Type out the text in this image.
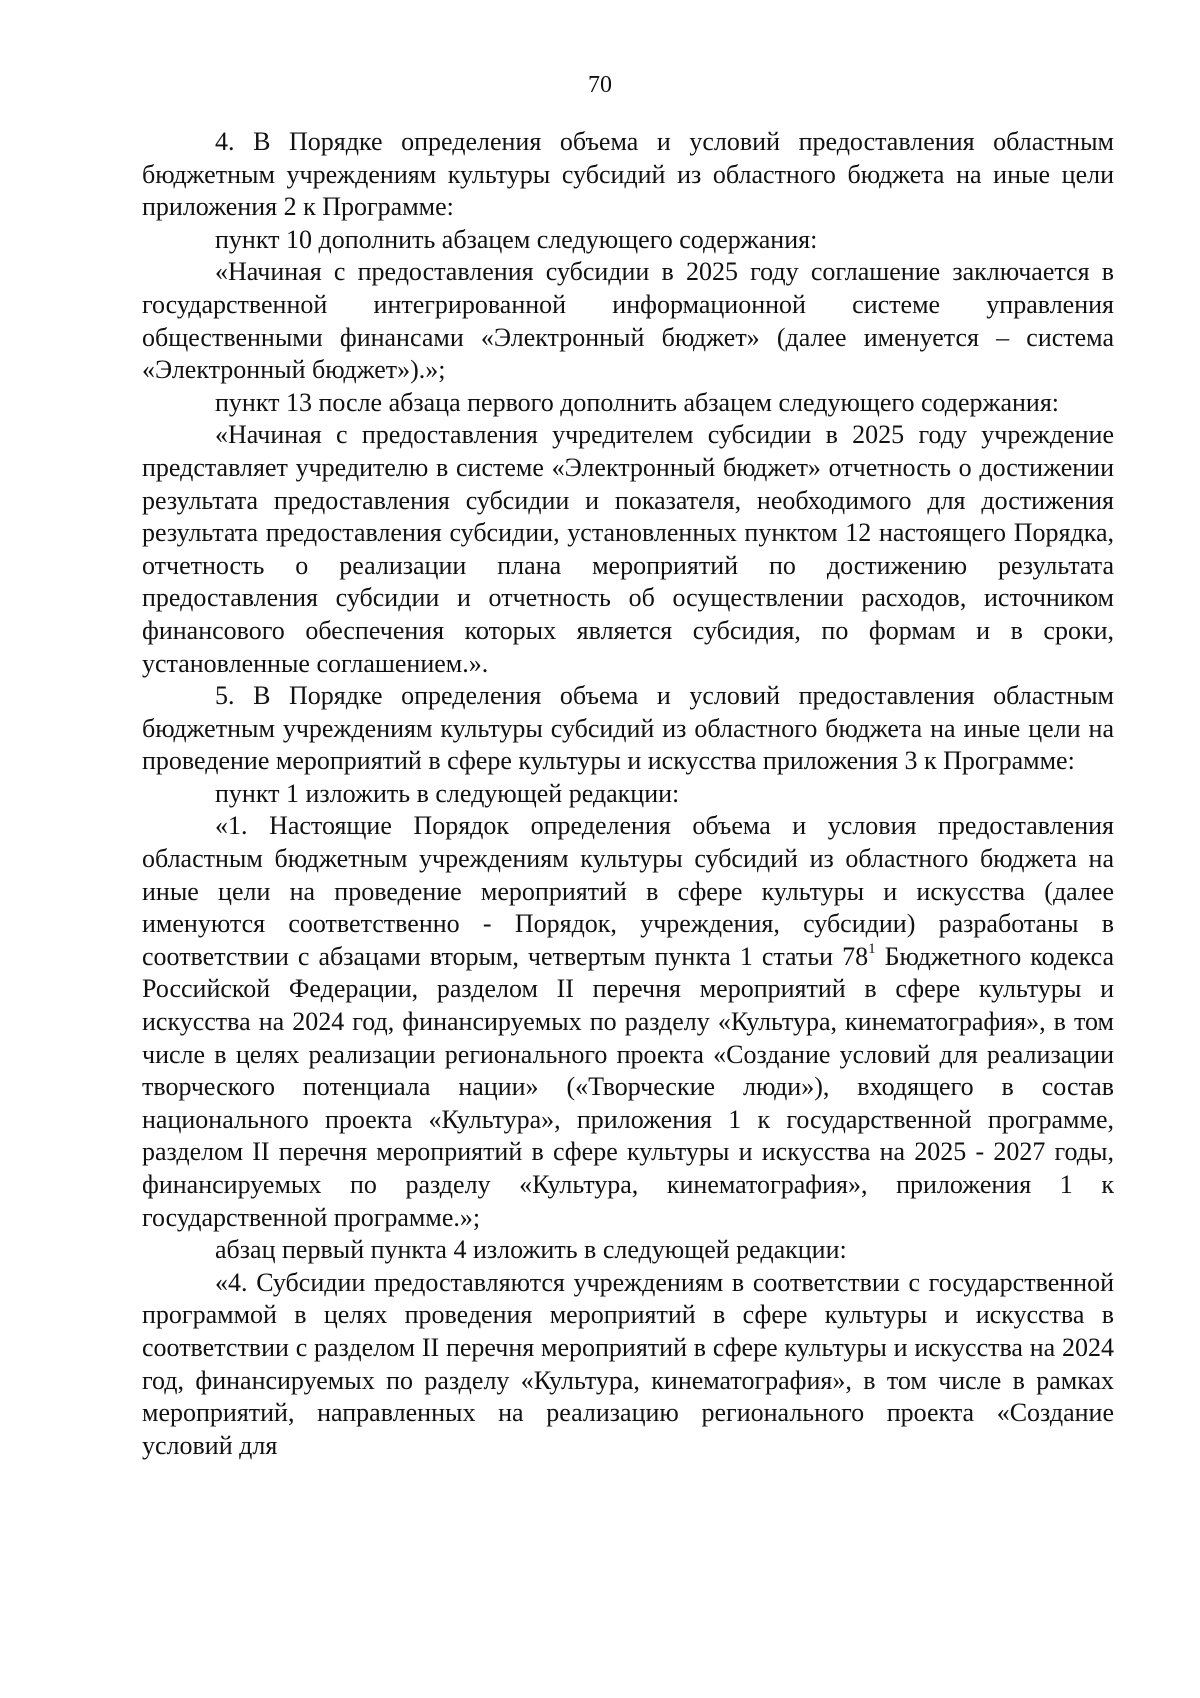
70

4. В Порядке определения объема и условий предоставления областным бюджетным учреждениям культуры субсидий из областного бюджета на иные цели приложения 2 к Программе:

пункт 10 дополнить абзацем следующего содержания:

«Начиная с предоставления субсидии в 2025 году соглашение заключается в государственной интегрированной информационной системе управления общественными финансами «Электронный бюджет» (далее именуется – система «Электронный бюджет»).»;

пункт 13 после абзаца первого дополнить абзацем следующего содержания:

«Начиная с предоставления учредителем субсидии в 2025 году учреждение представляет учредителю в системе «Электронный бюджет» отчетность о достижении результата предоставления субсидии и показателя, необходимого для достижения результата предоставления субсидии, установленных пунктом 12 настоящего Порядка, отчетность о реализации плана мероприятий по достижению результата предоставления субсидии и отчетность об осуществлении расходов, источником финансового обеспечения которых является субсидия, по формам и в сроки, установленные соглашением.».

5. В Порядке определения объема и условий предоставления областным бюджетным учреждениям культуры субсидий из областного бюджета на иные цели на проведение мероприятий в сфере культуры и искусства приложения 3 к Программе:

пункт 1 изложить в следующей редакции:

«1. Настоящие Порядок определения объема и условия предоставления областным бюджетным учреждениям культуры субсидий из областного бюджета на иные цели на проведение мероприятий в сфере культуры и искусства (далее именуются соответственно - Порядок, учреждения, субсидии) разработаны в соответствии с абзацами вторым, четвертым пункта 1 статьи $78^1$ Бюджетного кодекса Российской Федерации, разделом II перечня мероприятий в сфере культуры и искусства на 2024 год, финансируемых по разделу «Культура, кинематография», в том числе в целях реализации регионального проекта «Создание условий для реализации творческого потенциала нации» («Творческие люди»), входящего в состав национального проекта «Культура», приложения 1 к государственной программе, разделом II перечня мероприятий в сфере культуры и искусства на 2025 - 2027 годы, финансируемых по разделу «Культура, кинематография», приложения 1 к государственной программе.»;

абзац первый пункта 4 изложить в следующей редакции:

«4. Субсидии предоставляются учреждениям в соответствии с государственной программой в целях проведения мероприятий в сфере культуры и искусства в соответствии с разделом II перечня мероприятий в сфере культуры и искусства на 2024 год, финансируемых по разделу «Культура, кинематография», в том числе в рамках мероприятий, направленных на реализацию регионального проекта «Создание условий для
